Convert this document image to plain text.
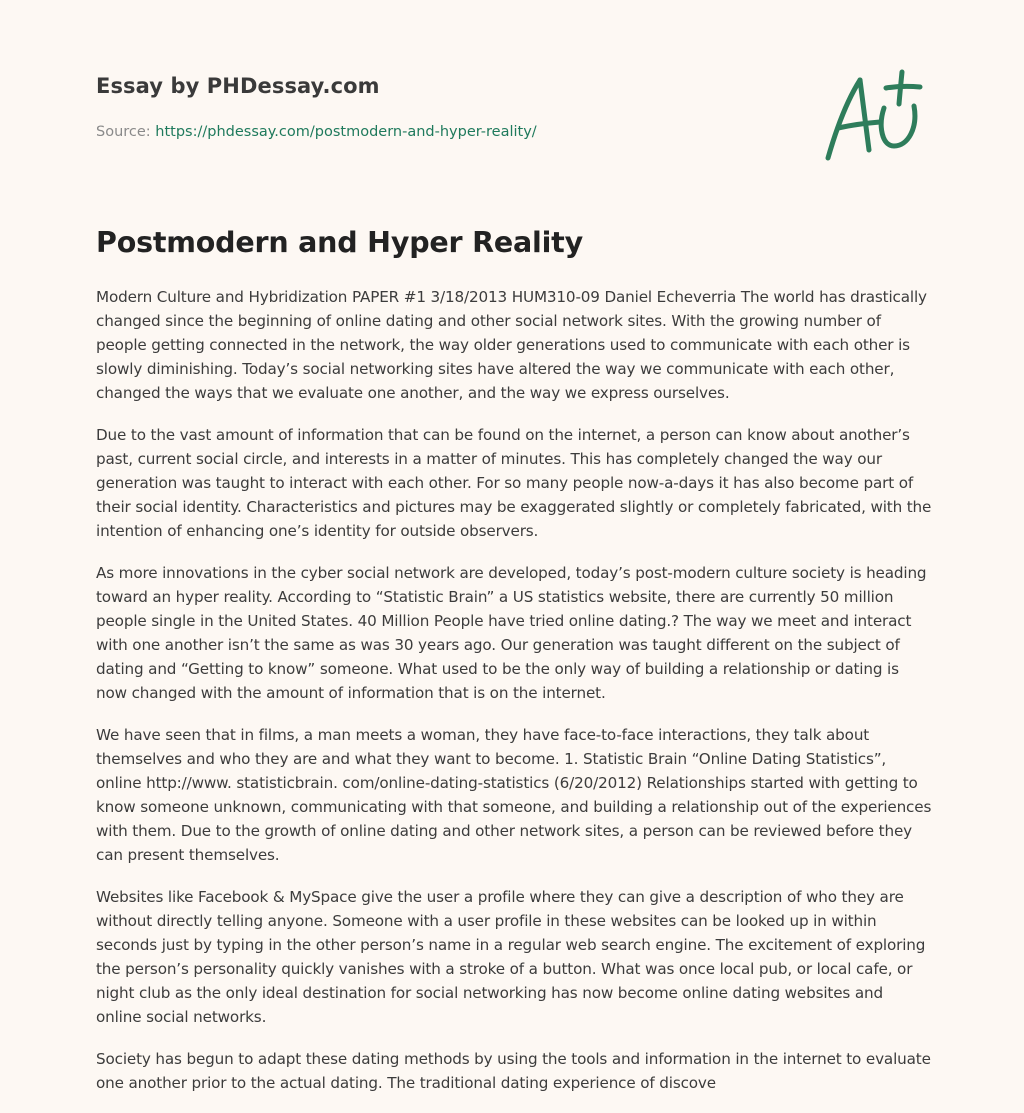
Essay by PHDessay.com
Source: https://phdessay.com/postmodern-and-hyper-reality/
Postmodern and Hyper Reality

Modern Culture and Hybridization PAPER #1 3/18/2013 HUM310-09 Daniel Echeverria The world has drastically changed since the beginning of online dating and other social network sites. With the growing number of people getting connected in the network, the way older generations used to communicate with each other is slowly diminishing. Today’s social networking sites have altered the way we communicate with each other, changed the ways that we evaluate one another, and the way we express ourselves.

Due to the vast amount of information that can be found on the internet, a person can know about another’s past, current social circle, and interests in a matter of minutes. This has completely changed the way our generation was taught to interact with each other. For so many people now-a-days it has also become part of their social identity. Characteristics and pictures may be exaggerated slightly or completely fabricated, with the intention of enhancing one’s identity for outside observers.

As more innovations in the cyber social network are developed, today’s post-modern culture society is heading toward an hyper reality. According to “Statistic Brain” a US statistics website, there are currently 50 million people single in the United States. 40 Million People have tried online dating.? The way we meet and interact with one another isn’t the same as was 30 years ago. Our generation was taught different on the subject of dating and “Getting to know” someone. What used to be the only way of building a relationship or dating is now changed with the amount of information that is on the internet.

We have seen that in films, a man meets a woman, they have face-to-face interactions, they talk about themselves and who they are and what they want to become. 1. Statistic Brain “Online Dating Statistics”, online http://www. statisticbrain. com/online-dating-statistics (6/20/2012) Relationships started with getting to know someone unknown, communicating with that someone, and building a relationship out of the experiences with them. Due to the growth of online dating and other network sites, a person can be reviewed before they can present themselves.

Websites like Facebook & MySpace give the user a profile where they can give a description of who they are without directly telling anyone. Someone with a user profile in these websites can be looked up in within seconds just by typing in the other person’s name in a regular web search engine. The excitement of exploring the person’s personality quickly vanishes with a stroke of a button. What was once local pub, or local cafe, or night club as the only ideal destination for social networking has now become online dating websites and online social networks.

Society has begun to adapt these dating methods by using the tools and information in the internet to evaluate one another prior to the actual dating. The traditional dating experience of discove
